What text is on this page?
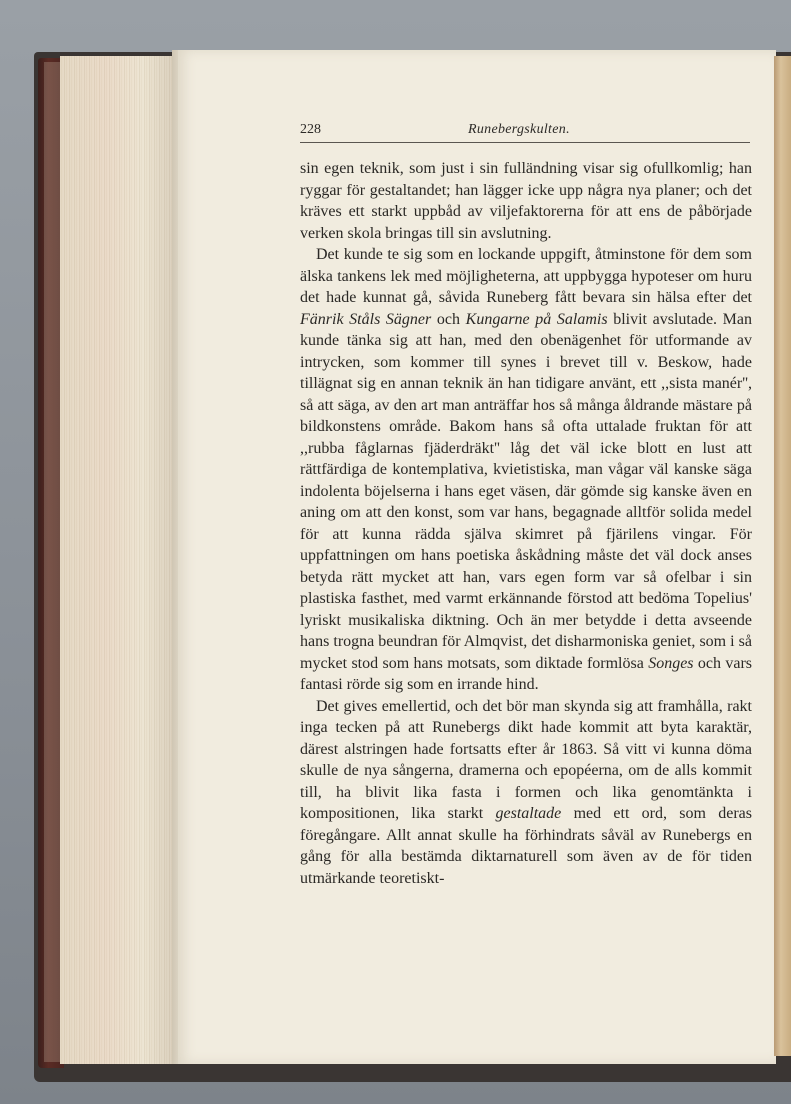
228	Runebergskulten.

sin egen teknik, som just i sin fulländning visar sig ofullkomlig; han ryggar för gestaltandet; han lägger icke upp några nya planer; och det kräves ett starkt uppbåd av viljefaktorerna för att ens de påbörjade verken skola bringas till sin avslutning.

Det kunde te sig som en lockande uppgift, åtminstone för dem som älska tankens lek med möjligheterna, att uppbygga hypoteser om huru det hade kunnat gå, såvida Runeberg fått bevara sin hälsa efter det Fänrik Ståls Sägner och Kungarne på Salamis blivit avslutade. Man kunde tänka sig att han, med den obenägenhet för utformande av intrycken, som kommer till synes i brevet till v. Beskow, hade tillägnat sig en annan teknik än han tidigare använt, ett ,,sista manér'', så att säga, av den art man anträffar hos så många åldrande mästare på bildkonstens område. Bakom hans så ofta uttalade fruktan för att ,,rubba fåglarnas fjäderdräkt'' låg det väl icke blott en lust att rättfärdiga de kontemplativa, kvietistiska, man vågar väl kanske säga indolenta böjelserna i hans eget väsen, där gömde sig kanske även en aning om att den konst, som var hans, begagnade alltför solida medel för att kunna rädda själva skimret på fjärilens vingar. För uppfattningen om hans poetiska åskådning måste det väl dock anses betyda rätt mycket att han, vars egen form var så ofelbar i sin plastiska fasthet, med varmt erkännande förstod att bedöma Topelius' lyriskt musikaliska diktning. Och än mer betydde i detta avseende hans trogna beundran för Almqvist, det disharmoniska geniet, som i så mycket stod som hans motsats, som diktade formlösa Songes och vars fantasi rörde sig som en irrande hind.

Det gives emellertid, och det bör man skynda sig att framhålla, rakt inga tecken på att Runebergs dikt hade kommit att byta karaktär, därest alstringen hade fortsatts efter år 1863. Så vitt vi kunna döma skulle de nya sångerna, dramerna och epopéerna, om de alls kommit till, ha blivit lika fasta i formen och lika genomtänkta i kompositionen, lika starkt gestaltade med ett ord, som deras föregångare. Allt annat skulle ha förhindrats såväl av Runebergs en gång för alla bestämda diktarnaturell som även av de för tiden utmärkande teoretiskt-
